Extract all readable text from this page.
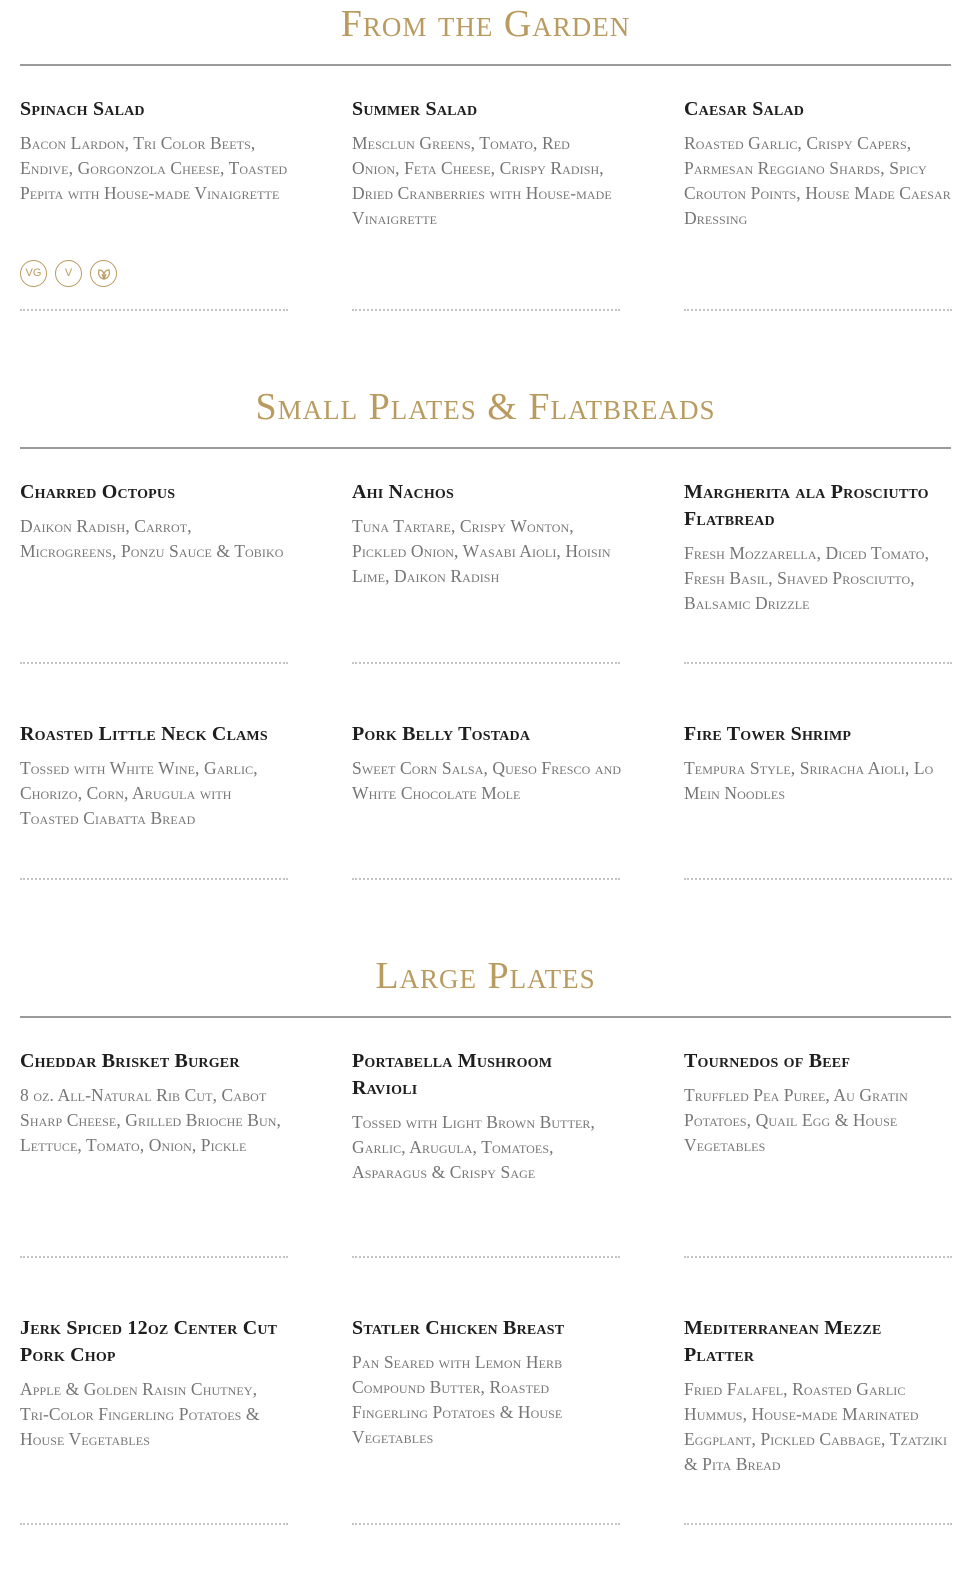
From the Garden
Spinach Salad

Bacon Lardon, Tri Color Beets, Endive, Gorgonzola Cheese, Toasted Pepita with House-made Vinaigrette

Summer Salad

Mesclun Greens, Tomato, Red Onion, Feta Cheese, Crispy Radish, Dried Cranberries with House-made Vinaigrette

Caesar Salad

Roasted Garlic, Crispy Capers, Parmesan Reggiano Shards, Spicy Crouton Points, House Made Caesar Dressing

VG	V
Small Plates & Flatbreads
Charred Octopus

Daikon Radish, Carrot, Microgreens, Ponzu Sauce & Tobiko

Ahi Nachos

Tuna Tartare, Crispy Wonton, Pickled Onion, Wasabi Aioli, Hoisin Lime, Daikon Radish

Margherita ala Prosciutto Flatbread

Fresh Mozzarella, Diced Tomato, Fresh Basil, Shaved Prosciutto, Balsamic Drizzle

Roasted Little Neck Clams

Tossed with White Wine, Garlic, Chorizo, Corn, Arugula with Toasted Ciabatta Bread

Pork Belly Tostada

Sweet Corn Salsa, Queso Fresco and White Chocolate Mole

Fire Tower Shrimp

Tempura Style, Sriracha Aioli, Lo Mein Noodles

Large Plates
Cheddar Brisket Burger

8 oz. All-Natural Rib Cut, Cabot Sharp Cheese, Grilled Brioche Bun, Lettuce, Tomato, Onion, Pickle

Portabella Mushroom Ravioli

Tossed with Light Brown Butter, Garlic, Arugula, Tomatoes, Asparagus & Crispy Sage

Tournedos of Beef

Truffled Pea Puree, Au Gratin Potatoes, Quail Egg & House Vegetables

Jerk Spiced 12oz Center Cut Pork Chop

Apple & Golden Raisin Chutney, Tri-Color Fingerling Potatoes & House Vegetables

Statler Chicken Breast

Pan Seared with Lemon Herb Compound Butter, Roasted Fingerling Potatoes & House Vegetables

Mediterranean Mezze Platter

Fried Falafel, Roasted Garlic Hummus, House-made Marinated Eggplant, Pickled Cabbage, Tzatziki & Pita Bread
